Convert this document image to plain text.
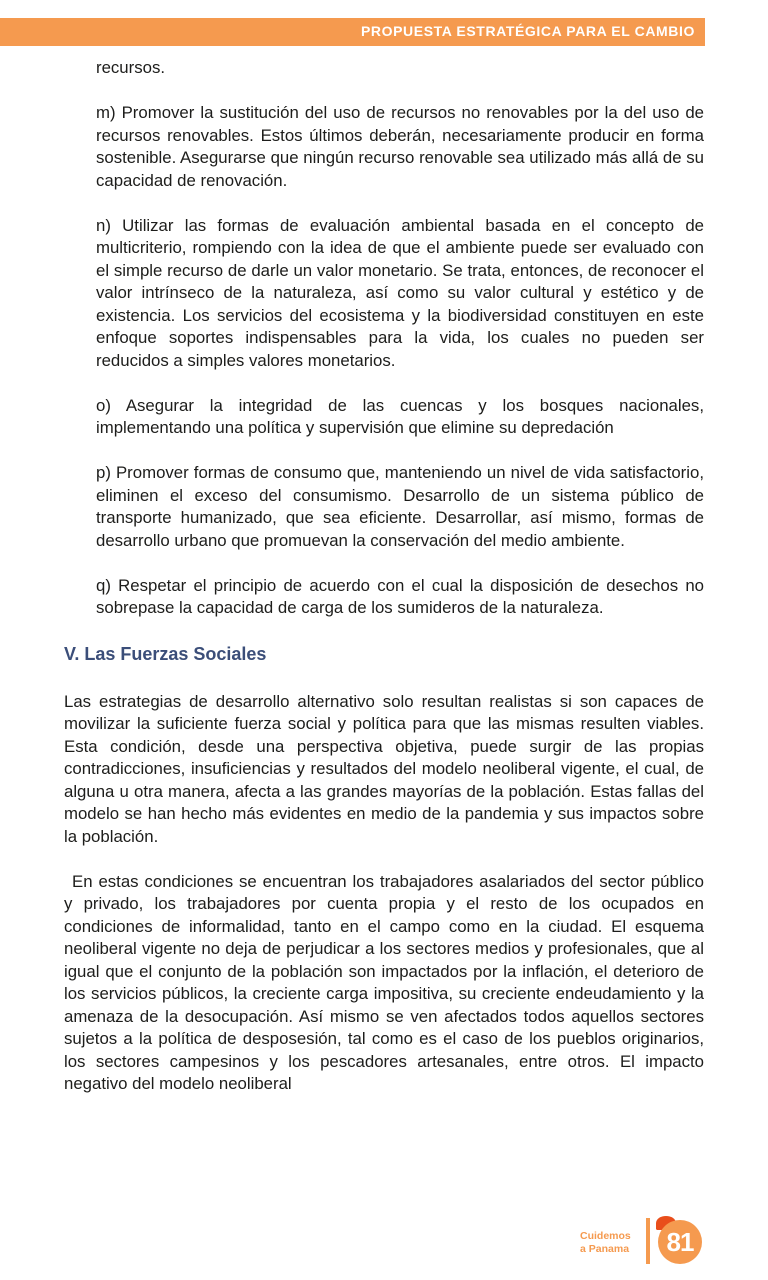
PROPUESTA ESTRATÉGICA PARA EL CAMBIO

recursos.

m) Promover la sustitución del uso de recursos no renovables por la del uso de recursos renovables. Estos últimos deberán, necesariamente producir en forma sostenible. Asegurarse que ningún recurso renovable sea utilizado más allá de su capacidad de renovación.

n) Utilizar las formas de evaluación ambiental basada en el concepto de multicriterio, rompiendo con la idea de que el ambiente puede ser evaluado con el simple recurso de darle un valor monetario. Se trata, entonces, de reconocer el valor intrínseco de la naturaleza, así como su valor cultural y estético y de existencia. Los servicios del ecosistema y la biodiversidad constituyen en este enfoque soportes indispensables para la vida, los cuales no pueden ser reducidos a simples valores monetarios.

o) Asegurar la integridad de las cuencas y los bosques nacionales, implementando una política y supervisión que elimine su depredación

p) Promover formas de consumo que, manteniendo un nivel de vida satisfactorio, eliminen el exceso del consumismo. Desarrollo de un sistema público de transporte humanizado, que sea eficiente. Desarrollar, así mismo, formas de desarrollo urbano que promuevan la conservación del medio ambiente.

q) Respetar el principio de acuerdo con el cual la disposición de desechos no sobrepase la capacidad de carga de los sumideros de la naturaleza.

V. Las Fuerzas Sociales

Las estrategias de desarrollo alternativo solo resultan realistas si son capaces de movilizar la suficiente fuerza social y política para que las mismas resulten viables. Esta condición, desde una perspectiva objetiva, puede surgir de las propias contradicciones, insuficiencias y resultados del modelo neoliberal vigente, el cual, de alguna u otra manera, afecta a las grandes mayorías de la población. Estas fallas del modelo se han hecho más evidentes en medio de la pandemia y sus impactos sobre la población.

En estas condiciones se encuentran los trabajadores asalariados del sector público y privado, los trabajadores por cuenta propia y el resto de los ocupados en condiciones de informalidad, tanto en el campo como en la ciudad. El esquema neoliberal vigente no deja de perjudicar a los sectores medios y profesionales, que al igual que el conjunto de la población son impactados por la inflación, el deterioro de los servicios públicos, la creciente carga impositiva, su creciente endeudamiento y la amenaza de la desocupación. Así mismo se ven afectados todos aquellos sectores sujetos a la política de desposesión, tal como es el caso de los pueblos originarios, los sectores campesinos y los pescadores artesanales, entre otros. El impacto negativo del modelo neoliberal

Cuidemos
a Panama	81
